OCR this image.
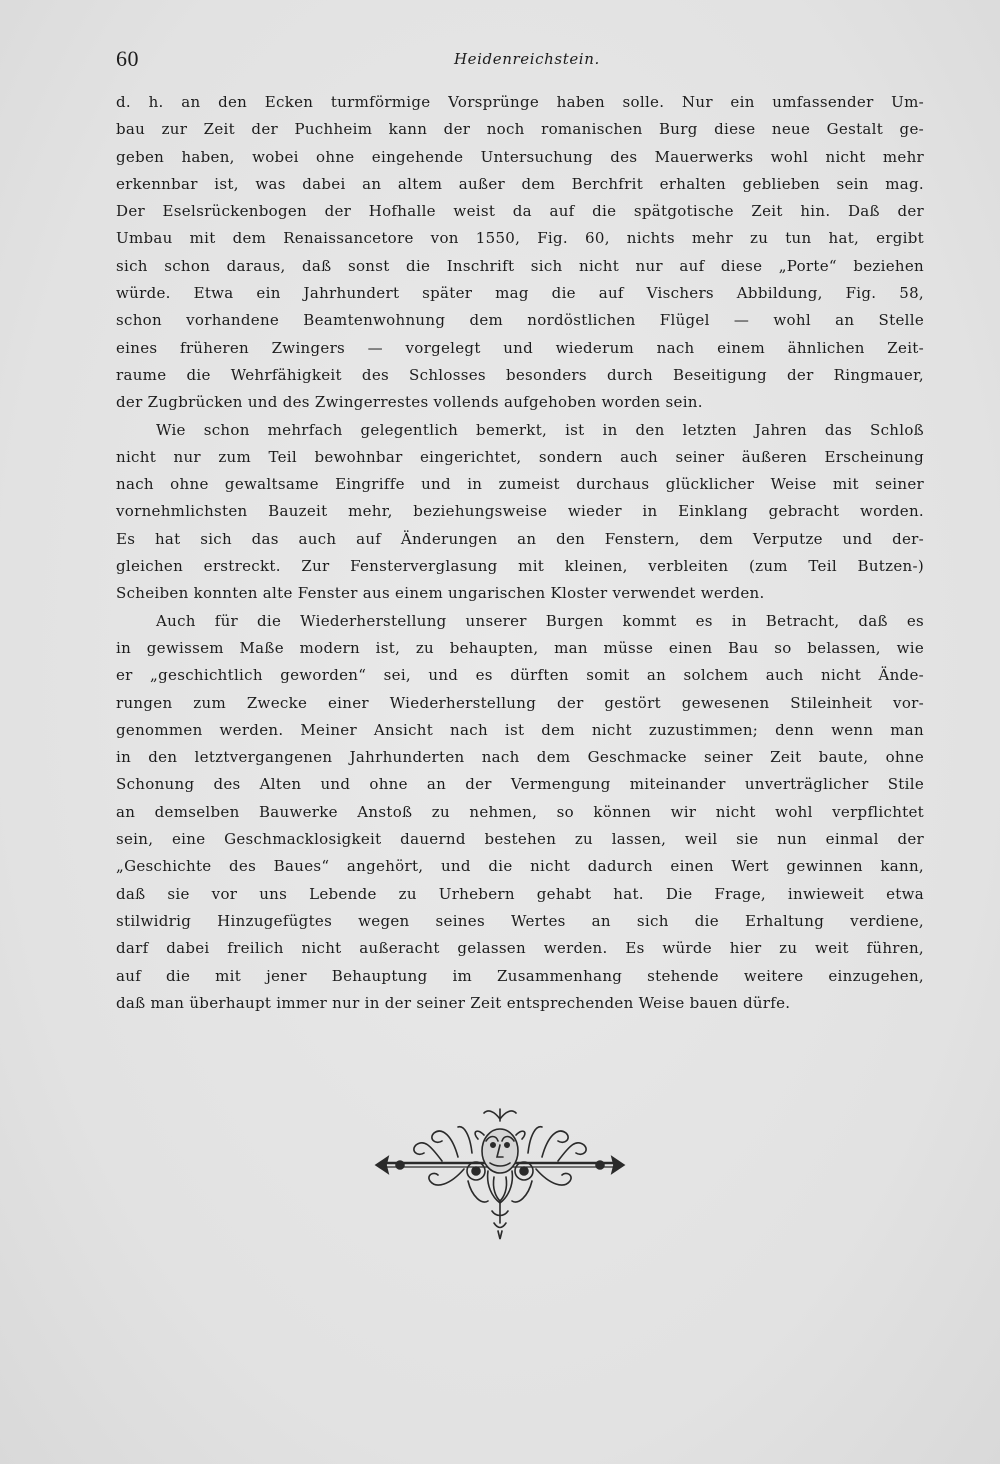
60	Heidenreichstein.
d. h. an den Ecken turmförmige Vorsprünge haben solle. Nur ein umfassender Um-
bau zur Zeit der Puchheim kann der noch romanischen Burg diese neue Gestalt ge-
geben haben, wobei ohne eingehende Untersuchung des Mauerwerks wohl nicht mehr
erkennbar ist, was dabei an altem außer dem Berchfrit erhalten geblieben sein mag.
Der Eselsrückenbogen der Hofhalle weist da auf die spätgotische Zeit hin. Daß der
Umbau mit dem Renaissancetore von 1550, Fig. 60, nichts mehr zu tun hat, ergibt
sich schon daraus, daß sonst die Inschrift sich nicht nur auf diese „Porte“ beziehen
würde. Etwa ein Jahrhundert später mag die auf Vischers Abbildung, Fig. 58,
schon vorhandene Beamtenwohnung dem nordöstlichen Flügel — wohl an Stelle
eines früheren Zwingers — vorgelegt und wiederum nach einem ähnlichen Zeit-
raume die Wehrfähigkeit des Schlosses besonders durch Beseitigung der Ringmauer,
der Zugbrücken und des Zwingerrestes vollends aufgehoben worden sein.
Wie schon mehrfach gelegentlich bemerkt, ist in den letzten Jahren das Schloß
nicht nur zum Teil bewohnbar eingerichtet, sondern auch seiner äußeren Erscheinung
nach ohne gewaltsame Eingriffe und in zumeist durchaus glücklicher Weise mit seiner
vornehmlichsten Bauzeit mehr, beziehungsweise wieder in Einklang gebracht worden.
Es hat sich das auch auf Änderungen an den Fenstern, dem Verputze und der-
gleichen erstreckt. Zur Fensterverglasung mit kleinen, verbleiten (zum Teil Butzen-)
Scheiben konnten alte Fenster aus einem ungarischen Kloster verwendet werden.
Auch für die Wiederherstellung unserer Burgen kommt es in Betracht, daß es
in gewissem Maße modern ist, zu behaupten, man müsse einen Bau so belassen, wie
er „geschichtlich geworden“ sei, und es dürften somit an solchem auch nicht Ände-
rungen zum Zwecke einer Wiederherstellung der gestört gewesenen Stileinheit vor-
genommen werden. Meiner Ansicht nach ist dem nicht zuzustimmen; denn wenn man
in den letztvergangenen Jahrhunderten nach dem Geschmacke seiner Zeit baute, ohne
Schonung des Alten und ohne an der Vermengung miteinander unverträglicher Stile
an demselben Bauwerke Anstoß zu nehmen, so können wir nicht wohl verpflichtet
sein, eine Geschmacklosigkeit dauernd bestehen zu lassen, weil sie nun einmal der
„Geschichte des Baues“ angehört, und die nicht dadurch einen Wert gewinnen kann,
daß sie vor uns Lebende zu Urhebern gehabt hat. Die Frage, inwieweit etwa
stilwidrig Hinzugefügtes wegen seines Wertes an sich die Erhaltung verdiene,
darf dabei freilich nicht außeracht gelassen werden. Es würde hier zu weit führen,
auf die mit jener Behauptung im Zusammenhang stehende weitere einzugehen,
daß man überhaupt immer nur in der seiner Zeit entsprechenden Weise bauen dürfe.
